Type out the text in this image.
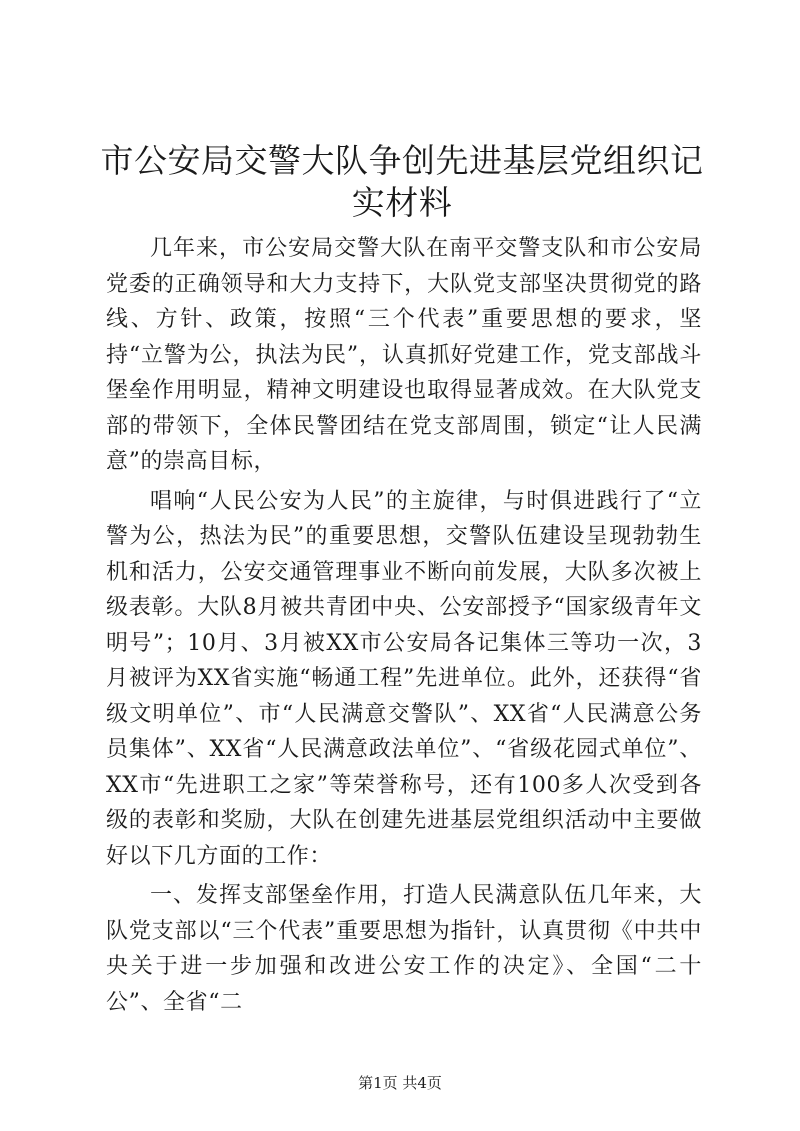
市公安局交警大队争创先进基层党组织记实材料

几年来，市公安局交警大队在南平交警支队和市公安局党委的正确领导和大力支持下，大队党支部坚决贯彻党的路线、方针、政策，按照“三个代表”重要思想的要求，坚持“立警为公，执法为民”，认真抓好党建工作，党支部战斗堡垒作用明显，精神文明建设也取得显著成效。在大队党支部的带领下，全体民警团结在党支部周围，锁定“让人民满意”的崇高目标，

唱响“人民公安为人民”的主旋律，与时俱进践行了“立警为公，热法为民”的重要思想，交警队伍建设呈现勃勃生机和活力，公安交通管理事业不断向前发展，大队多次被上级表彰。大队8月被共青团中央、公安部授予“国家级青年文明号”；10月、3月被XX市公安局各记集体三等功一次，3月被评为XX省实施“畅通工程”先进单位。此外，还获得“省级文明单位”、市“人民满意交警队”、XX省“人民满意公务员集体”、XX省“人民满意政法单位”、“省级花园式单位”、XX市“先进职工之家”等荣誉称号，还有100多人次受到各级的表彰和奖励，大队在创建先进基层党组织活动中主要做好以下几方面的工作：

一、发挥支部堡垒作用，打造人民满意队伍几年来，大队党支部以“三个代表”重要思想为指针，认真贯彻《中共中央关于进一步加强和改进公安工作的决定》、全国“二十公”、全省“二

第1页 共4页
